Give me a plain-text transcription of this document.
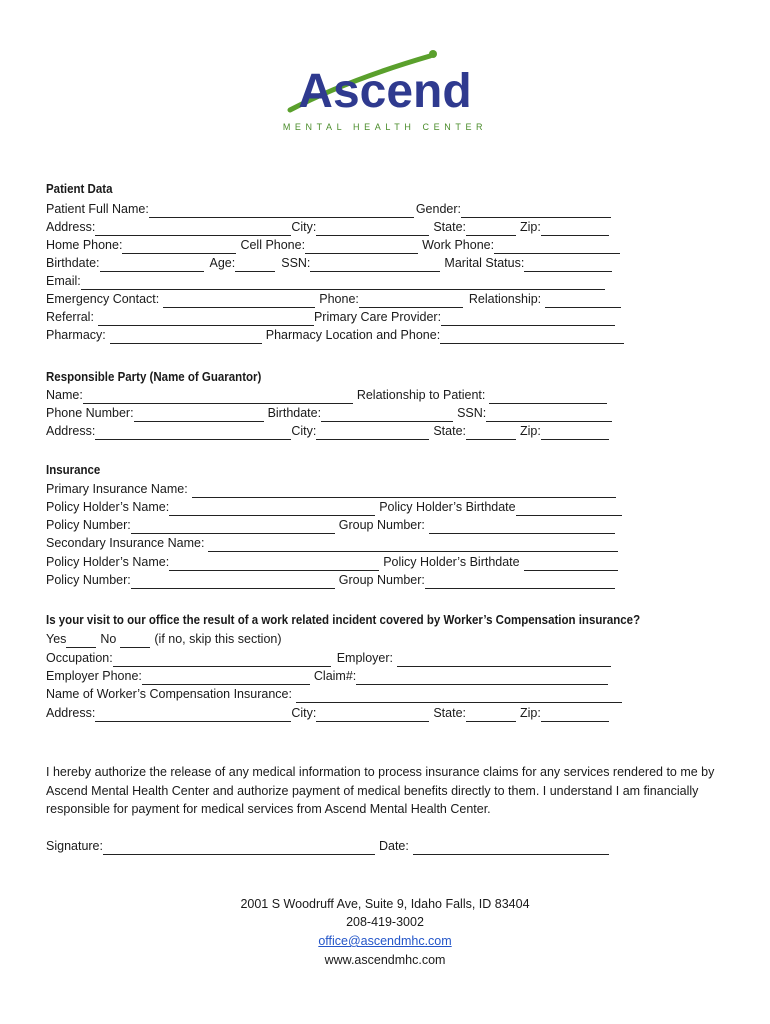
Ascend
MENTAL HEALTH CENTER
Patient Data
Patient Full Name:	Gender:
Address:	City:	State:	Zip:
Home Phone:	Cell Phone:	Work Phone:
Birthdate:	Age:	SSN:	Marital Status:
Email:
Emergency Contact:	Phone:	Relationship:
Referral:	Primary Care Provider:
Pharmacy:	Pharmacy Location and Phone:
Responsible Party (Name of Guarantor)
Name:	Relationship to Patient:
Phone Number:	Birthdate:	SSN:
Address:	City:	State:	Zip:
Insurance
Primary Insurance Name:
Policy Holder’s Name:	Policy Holder’s Birthdate
Policy Number:	Group Number:
Secondary Insurance Name:
Policy Holder’s Name:	Policy Holder’s Birthdate
Policy Number:	Group Number:
Is your visit to our office the result of a work related incident covered by Worker’s Compensation insurance?
Yes	No	(if no, skip this section)
Occupation:	Employer:
Employer Phone:	Claim#:
Name of Worker’s Compensation Insurance:
Address:	City:	State:	Zip:
I hereby authorize the release of any medical information to process insurance claims for any services rendered to me by Ascend Mental Health Center and authorize payment of medical benefits directly to them. I understand I am financially responsible for payment for medical services from Ascend Mental Health Center.
Signature:	Date:
2001 S Woodruff Ave, Suite 9, Idaho Falls, ID 83404
208-419-3002
office@ascendmhc.com
www.ascendmhc.com
